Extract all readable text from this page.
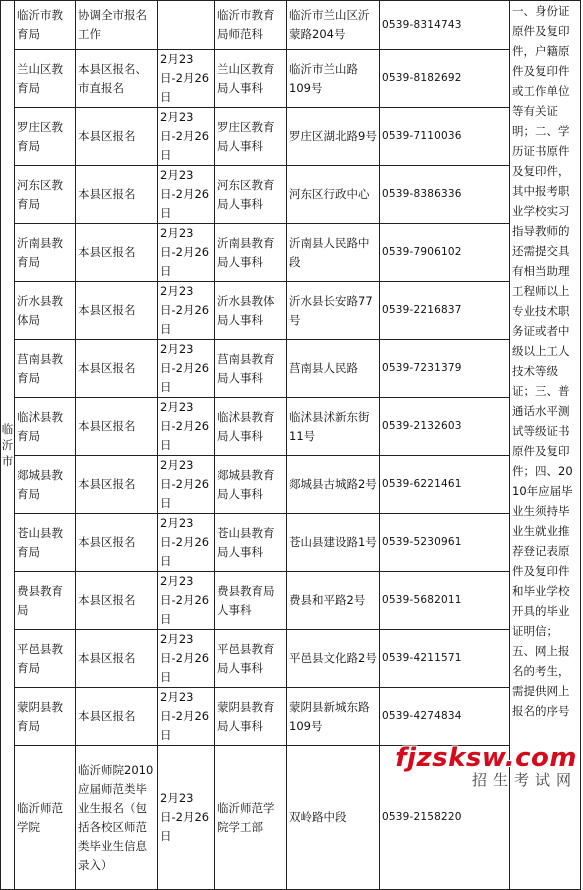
临沂市	临沂市教育局	协调全市报名工作		临沂市教育局师范科	临沂市兰山区沂蒙路204号	0539-8314743	一、身份证原件及复印件，户籍原件及复印件或工作单位等有关证明；二、学历证书原件及复印件，其中报考职业学校实习指导教师的还需提交具有相当助理工程师以上专业技术职务证或者中级以上工人技术等级证；三、普通话水平测试等级证书原件及复印件；四、2010年应届毕业生须持毕业生就业推荐登记表原件及复印件和毕业学校开具的毕业证明信；五、网上报名的考生，需提供网上报名的序号
	兰山区教育局	本县区报名、市直报名	2月23日-2月26日	兰山区教育局人事科	临沂市兰山路109号	0539-8182692	
	罗庄区教育局	本县区报名	2月23日-2月26日	罗庄区教育局人事科	罗庄区湖北路9号	0539-7110036	
	河东区教育局	本县区报名	2月23日-2月26日	河东区教育局人事科	河东区行政中心	0539-8386336	
	沂南县教育局	本县区报名	2月23日-2月26日	沂南县教育局人事科	沂南县人民路中段	0539-7906102	
	沂水县教体局	本县区报名	2月23日-2月26日	沂水县教体局人事科	沂水县长安路77号	0539-2216837	
	莒南县教育局	本县区报名	2月23日-2月26日	莒南县教育局人事科	莒南县人民路	0539-7231379	
	临沭县教育局	本县区报名	2月23日-2月26日	临沭县教育局人事科	临沭县沭新东街11号	0539-2132603	
	郯城县教育局	本县区报名	2月23日-2月26日	郯城县教育局人事科	郯城县古城路2号	0539-6221461	
	苍山县教育局	本县区报名	2月23日-2月26日	苍山县教育局人事科	苍山县建设路1号	0539-5230961	
	费县教育局	本县区报名	2月23日-2月26日	费县教育局人事科	费县和平路2号	0539-5682011	
	平邑县教育局	本县区报名	2月23日-2月26日	平邑县教育局人事科	平邑县文化路2号	0539-4211571	
	蒙阴县教育局	本县区报名	2月23日-2月26日	蒙阴县教育局人事科	蒙阴县新城东路109号	0539-4274834	
	临沂师范学院	临沂师院2010应届师范类毕业生报名（包括各校区师范类毕业生信息录入）	2月23日-2月26日	临沂师范学院学工部	双岭路中段	0539-2158220	
fjzsksw.com
招生考试网
